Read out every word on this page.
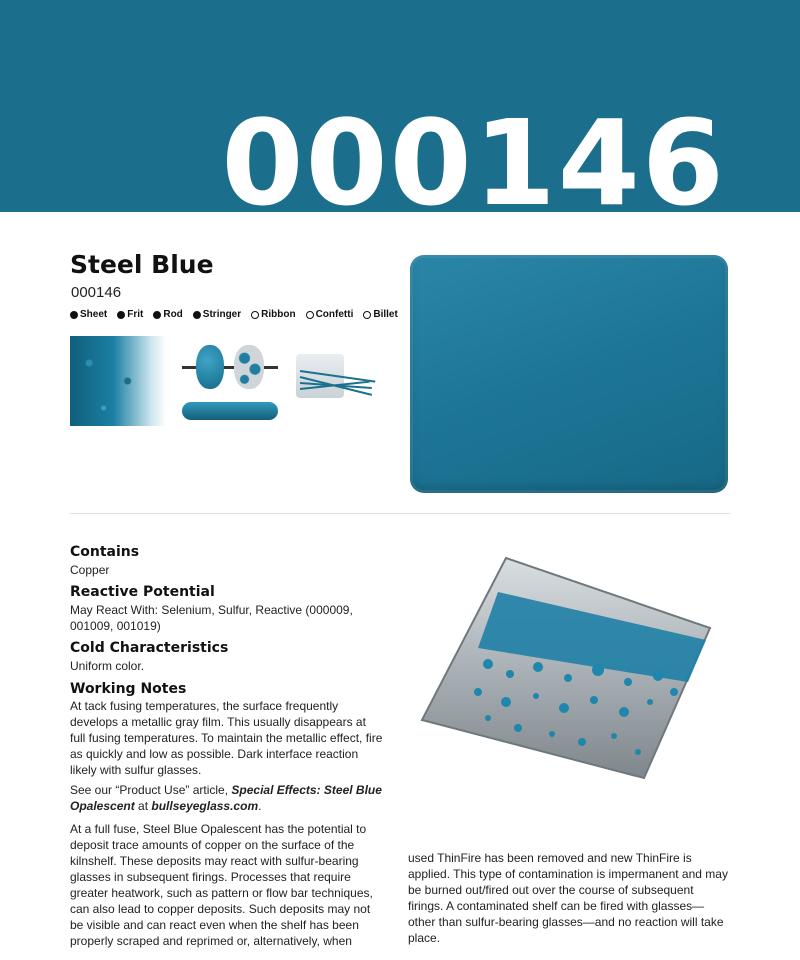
000146
Steel Blue
000146
Sheet Frit Rod Stringer Ribbon Confetti Billet
Contains
Copper
Reactive Potential
May React With: Selenium, Sulfur, Reactive (000009, 001009, 001019)
Cold Characteristics
Uniform color.
Working Notes
At tack fusing temperatures, the surface frequently develops a metallic gray film. This usually disappears at full fusing temperatures. To maintain the metallic effect, fire as quickly and low as possible. Dark interface reaction likely with sulfur glasses.
See our “Product Use” article, Special Effects: Steel Blue Opalescent at bullseyeglass.com.
At a full fuse, Steel Blue Opalescent has the potential to deposit trace amounts of copper on the surface of the kilnshelf. These deposits may react with sulfur-bearing glasses in subsequent firings. Processes that require greater heatwork, such as pattern or flow bar techniques, can also lead to copper deposits. Such deposits may not be visible and can react even when the shelf has been properly scraped and reprimed or, alternatively, when
used ThinFire has been removed and new ThinFire is applied. This type of contamination is impermanent and may be burned out/fired out over the course of subsequent firings. A contaminated shelf can be fired with glasses—other than sulfur-bearing glasses—and no reaction will take place.
